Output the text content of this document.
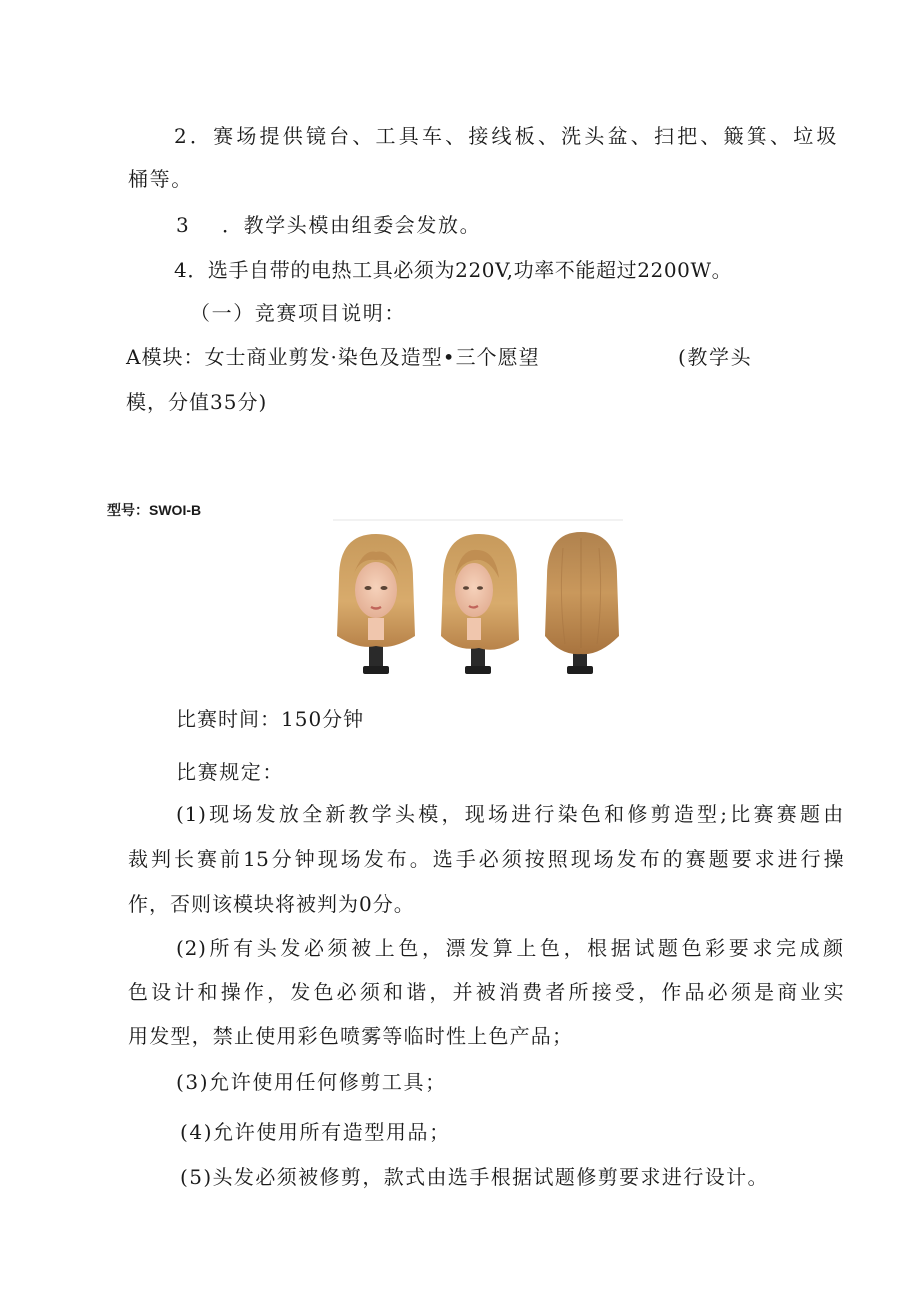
2．赛场提供镜台、工具车、接线板、洗头盆、扫把、簸箕、垃圾
桶等。
3 ．教学头模由组委会发放。
4．选手自带的电热工具必须为220V,功率不能超过2200W。
（一）竞赛项目说明：
A模块：女士商业剪发·染色及造型•三个愿望	(教学头
模，分值35分)
型号：SWOI-B
比赛时间：150分钟
比赛规定：
(1)现场发放全新教学头模，现场进行染色和修剪造型;比赛赛题由
裁判长赛前15分钟现场发布。选手必须按照现场发布的赛题要求进行操
作，否则该模块将被判为0分。
(2)所有头发必须被上色，漂发算上色，根据试题色彩要求完成颜
色设计和操作，发色必须和谐，并被消费者所接受，作品必须是商业实
用发型，禁止使用彩色喷雾等临时性上色产品；
(3)允许使用任何修剪工具；
(4)允许使用所有造型用品；
(5)头发必须被修剪，款式由选手根据试题修剪要求进行设计。
